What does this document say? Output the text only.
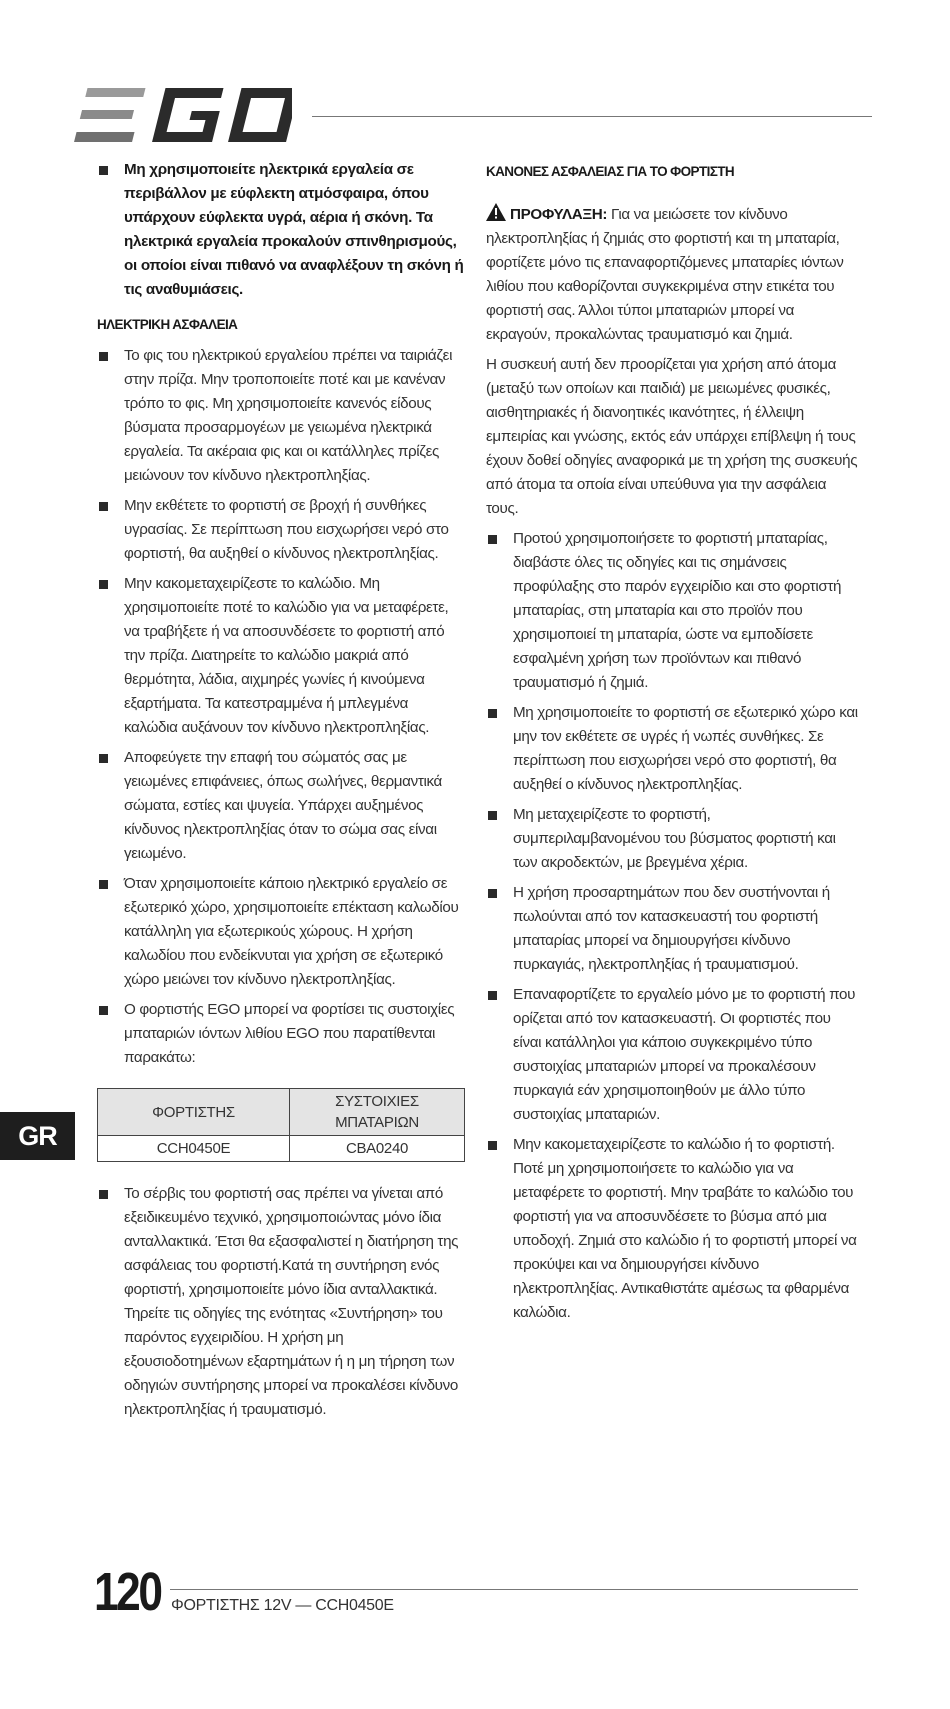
EGO
Μη χρησιμοποιείτε ηλεκτρικά εργαλεία σε περιβάλλον με εύφλεκτη ατμόσφαιρα, όπου υπάρχουν εύφλεκτα υγρά, αέρια ή σκόνη. Τα ηλεκτρικά εργαλεία προκαλούν σπινθηρισμούς, οι οποίοι είναι πιθανό να αναφλέξουν τη σκόνη ή τις αναθυμιάσεις.
ΗΛΕΚΤΡΙΚΗ ΑΣΦΑΛΕΙΑ
Το φις του ηλεκτρικού εργαλείου πρέπει να ταιριάζει στην πρίζα. Μην τροποποιείτε ποτέ και με κανέναν τρόπο το φις. Μη χρησιμοποιείτε κανενός είδους βύσματα προσαρμογέων με γειωμένα ηλεκτρικά εργαλεία. Τα ακέραια φις και οι κατάλληλες πρίζες μειώνουν τον κίνδυνο ηλεκτροπληξίας.
Μην εκθέτετε το φορτιστή σε βροχή ή συνθήκες υγρασίας. Σε περίπτωση που εισχωρήσει νερό στο φορτιστή, θα αυξηθεί ο κίνδυνος ηλεκτροπληξίας.
Μην κακομεταχειρίζεστε το καλώδιο. Μη χρησιμοποιείτε ποτέ το καλώδιο για να μεταφέρετε, να τραβήξετε ή να αποσυνδέσετε το φορτιστή από την πρίζα. Διατηρείτε το καλώδιο μακριά από θερμότητα, λάδια, αιχμηρές γωνίες ή κινούμενα εξαρτήματα. Τα κατεστραμμένα ή μπλεγμένα καλώδια αυξάνουν τον κίνδυνο ηλεκτροπληξίας.
Αποφεύγετε την επαφή του σώματός σας με γειωμένες επιφάνειες, όπως σωλήνες, θερμαντικά σώματα, εστίες και ψυγεία. Υπάρχει αυξημένος κίνδυνος ηλεκτροπληξίας όταν το σώμα σας είναι γειωμένο.
Όταν χρησιμοποιείτε κάποιο ηλεκτρικό εργαλείο σε εξωτερικό χώρο, χρησιμοποιείτε επέκταση καλωδίου κατάλληλη για εξωτερικούς χώρους. Η χρήση καλωδίου που ενδείκνυται για χρήση σε εξωτερικό χώρο μειώνει τον κίνδυνο ηλεκτροπληξίας.
Ο φορτιστής EGO μπορεί να φορτίσει τις συστοιχίες μπαταριών ιόντων λιθίου EGO που παρατίθενται παρακάτω:
ΦΟΡΤΙΣΤΗΣ	ΣΥΣΤΟΙΧΙΕΣ ΜΠΑΤΑΡΙΩΝ
CCH0450E	CBA0240
Το σέρβις του φορτιστή σας πρέπει να γίνεται από εξειδικευμένο τεχνικό, χρησιμοποιώντας μόνο ίδια ανταλλακτικά. Έτσι θα εξασφαλιστεί η διατήρηση της ασφάλειας του φορτιστή.Κατά τη συντήρηση ενός φορτιστή, χρησιμοποιείτε μόνο ίδια ανταλλακτικά. Τηρείτε τις οδηγίες της ενότητας «Συντήρηση» του παρόντος εγχειριδίου. Η χρήση μη εξουσιοδοτημένων εξαρτημάτων ή η μη τήρηση των οδηγιών συντήρησης μπορεί να προκαλέσει κίνδυνο ηλεκτροπληξίας ή τραυματισμό.
ΚΑΝΟΝΕΣ ΑΣΦΑΛΕΙΑΣ ΓΙΑ ΤΟ ΦΟΡΤΙΣΤΗ

ΠΡΟΦΥΛΑΞΗ: Για να μειώσετε τον κίνδυνο ηλεκτροπληξίας ή ζημιάς στο φορτιστή και τη μπαταρία, φορτίζετε μόνο τις επαναφορτιζόμενες μπαταρίες ιόντων λιθίου που καθορίζονται συγκεκριμένα στην ετικέτα του φορτιστή σας. Άλλοι τύποι μπαταριών μπορεί να εκραγούν, προκαλώντας τραυματισμό και ζημιά.

Η συσκευή αυτή δεν προορίζεται για χρήση από άτομα (μεταξύ των οποίων και παιδιά) με μειωμένες φυσικές, αισθητηριακές ή διανοητικές ικανότητες, ή έλλειψη εμπειρίας και γνώσης, εκτός εάν υπάρχει επίβλεψη ή τους έχουν δοθεί οδηγίες αναφορικά με τη χρήση της συσκευής από άτομα τα οποία είναι υπεύθυνα για την ασφάλεια τους.

Προτού χρησιμοποιήσετε το φορτιστή μπαταρίας, διαβάστε όλες τις οδηγίες και τις σημάνσεις προφύλαξης στο παρόν εγχειρίδιο και στο φορτιστή μπαταρίας, στη μπαταρία και στο προϊόν που χρησιμοποιεί τη μπαταρία, ώστε να εμποδίσετε εσφαλμένη χρήση των προϊόντων και πιθανό τραυματισμό ή ζημιά.
Μη χρησιμοποιείτε το φορτιστή σε εξωτερικό χώρο και μην τον εκθέτετε σε υγρές ή νωπές συνθήκες. Σε περίπτωση που εισχωρήσει νερό στο φορτιστή, θα αυξηθεί ο κίνδυνος ηλεκτροπληξίας.
Μη μεταχειρίζεστε το φορτιστή, συμπεριλαμβανομένου του βύσματος φορτιστή και των ακροδεκτών, με βρεγμένα χέρια.
Η χρήση προσαρτημάτων που δεν συστήνονται ή πωλούνται από τον κατασκευαστή του φορτιστή μπαταρίας μπορεί να δημιουργήσει κίνδυνο πυρκαγιάς, ηλεκτροπληξίας ή τραυματισμού.
Επαναφορτίζετε το εργαλείο μόνο με το φορτιστή που ορίζεται από τον κατασκευαστή. Οι φορτιστές που είναι κατάλληλοι για κάποιο συγκεκριμένο τύπο συστοιχίας μπαταριών μπορεί να προκαλέσουν πυρκαγιά εάν χρησιμοποιηθούν με άλλο τύπο συστοιχίας μπαταριών.
Μην κακομεταχειρίζεστε το καλώδιο ή το φορτιστή. Ποτέ μη χρησιμοποιήσετε το καλώδιο για να μεταφέρετε το φορτιστή. Μην τραβάτε το καλώδιο του φορτιστή για να αποσυνδέσετε το βύσμα από μια υποδοχή. Ζημιά στο καλώδιο ή το φορτιστή μπορεί να προκύψει και να δημιουργήσει κίνδυνο ηλεκτροπληξίας. Αντικαθιστάτε αμέσως τα φθαρμένα καλώδια.
GR
120 ΦΟΡΤΙΣΤΗΣ 12V — CCH0450E
